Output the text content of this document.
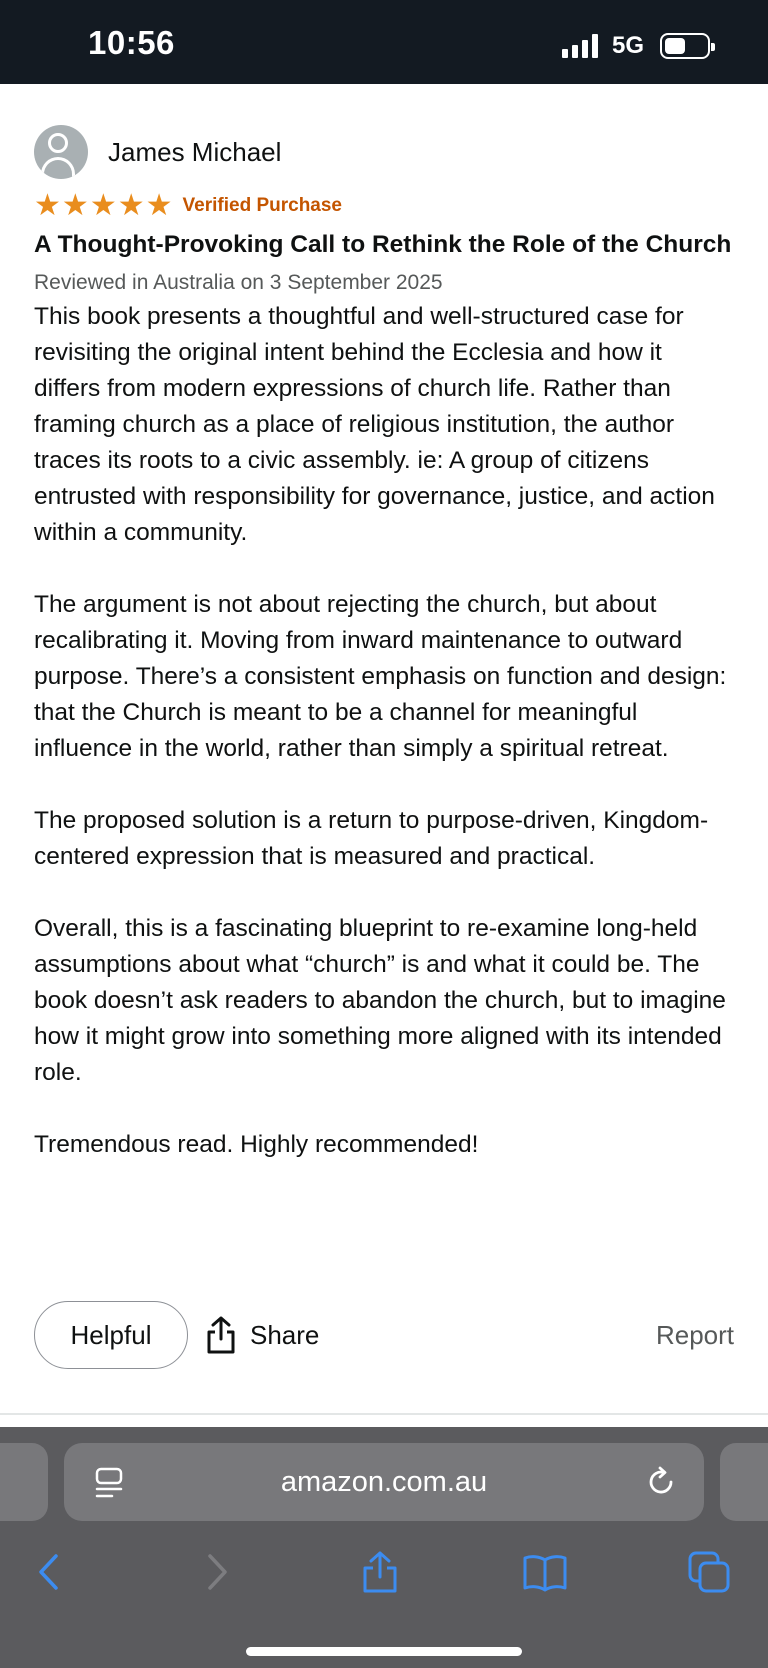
10:56	5G
James Michael
★ ★ ★ ★ ★ Verified Purchase
A Thought-Provoking Call to Rethink the Role of the Church
Reviewed in Australia on 3 September 2025

This book presents a thoughtful and well-structured case for revisiting the original intent behind the Ecclesia and how it differs from modern expressions of church life. Rather than framing church as a place of religious institution, the author traces its roots to a civic assembly. ie: A group of citizens entrusted with responsibility for governance, justice, and action within a community.

The argument is not about rejecting the church, but about recalibrating it. Moving from inward maintenance to outward purpose. There’s a consistent emphasis on function and design: that the Church is meant to be a channel for meaningful influence in the world, rather than simply a spiritual retreat.

The proposed solution is a return to purpose-driven, Kingdom-centered expression that is measured and practical.

Overall, this is a fascinating blueprint to re-examine long-held assumptions about what “church” is and what it could be. The book doesn’t ask readers to abandon the church, but to imagine how it might grow into something more aligned with its intended role.

Tremendous read. Highly recommended!

Helpful	Share	Report
amazon.com.au
